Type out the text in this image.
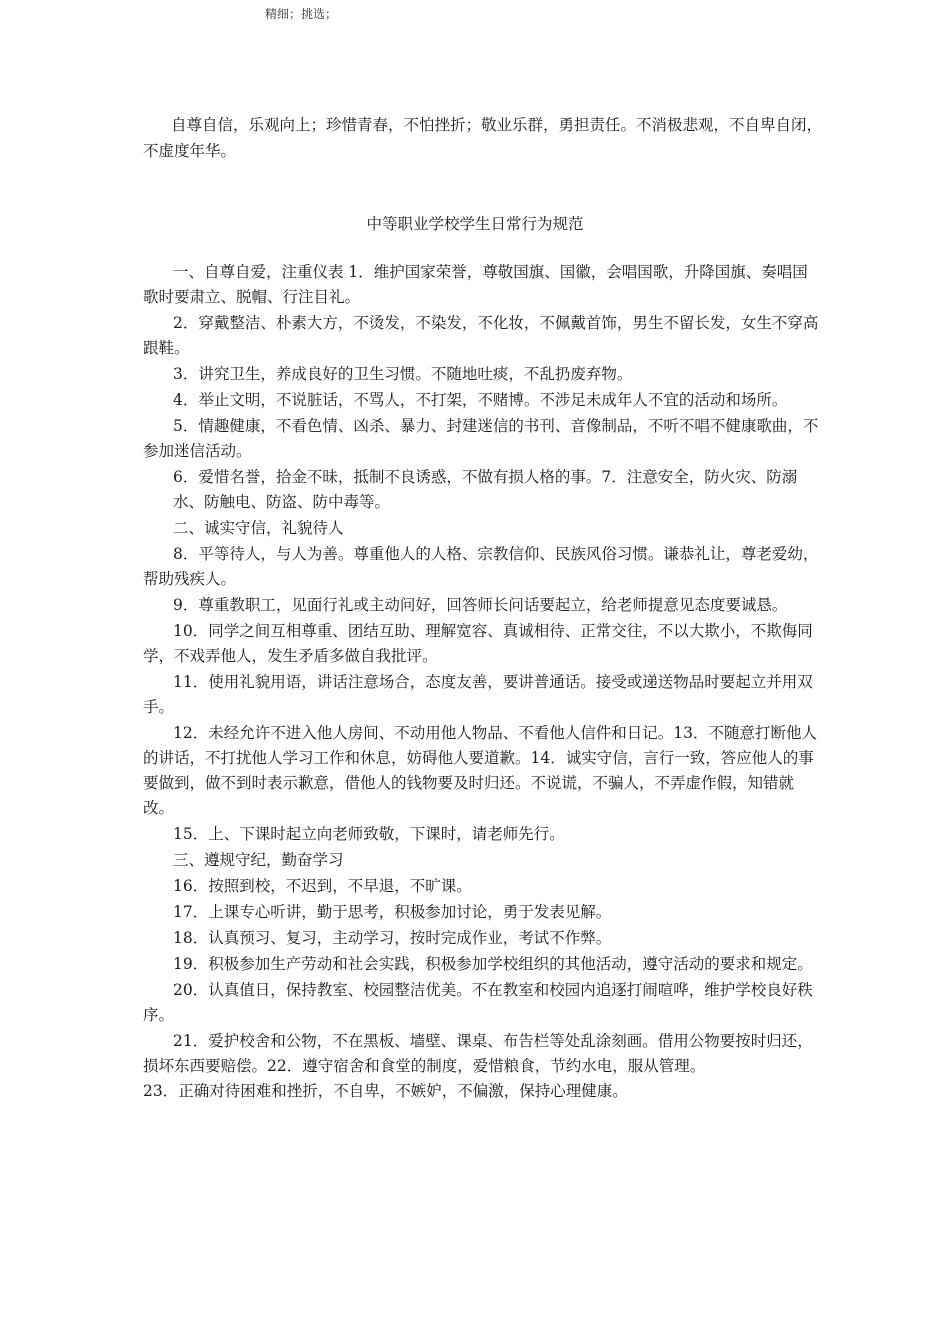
精细；挑选；

自尊自信，乐观向上；珍惜青春，不怕挫折；敬业乐群，勇担责任。不消极悲观，不自卑自闭，不虚度年华。

中等职业学校学生日常行为规范

一、自尊自爱，注重仪表 1．维护国家荣誉，尊敬国旗、国徽，会唱国歌，升降国旗、奏唱国歌时要肃立、脱帽、行注目礼。

2．穿戴整洁、朴素大方，不烫发，不染发，不化妆，不佩戴首饰，男生不留长发，女生不穿高跟鞋。

3．讲究卫生，养成良好的卫生习惯。不随地吐痰，不乱扔废弃物。

4．举止文明，不说脏话，不骂人，不打架，不赌博。不涉足未成年人不宜的活动和场所。

5．情趣健康，不看色情、凶杀、暴力、封建迷信的书刊、音像制品，不听不唱不健康歌曲，不参加迷信活动。

6．爱惜名誉，拾金不昧，抵制不良诱惑，不做有损人格的事。7．注意安全，防火灾、防溺水、防触电、防盗、防中毒等。

二、诚实守信，礼貌待人

8．平等待人，与人为善。尊重他人的人格、宗教信仰、民族风俗习惯。谦恭礼让，尊老爱幼，帮助残疾人。

9．尊重教职工，见面行礼或主动问好，回答师长问话要起立，给老师提意见态度要诚恳。

10．同学之间互相尊重、团结互助、理解宽容、真诚相待、正常交往，不以大欺小，不欺侮同学，不戏弄他人，发生矛盾多做自我批评。

11．使用礼貌用语，讲话注意场合，态度友善，要讲普通话。接受或递送物品时要起立并用双手。

12．未经允许不进入他人房间、不动用他人物品、不看他人信件和日记。13．不随意打断他人的讲话，不打扰他人学习工作和休息，妨碍他人要道歉。14．诚实守信，言行一致，答应他人的事要做到，做不到时表示歉意，借他人的钱物要及时归还。不说谎，不骗人，不弄虚作假，知错就改。

15．上、下课时起立向老师致敬，下课时，请老师先行。

三、遵规守纪，勤奋学习

16．按照到校，不迟到，不早退，不旷课。

17．上课专心听讲，勤于思考，积极参加讨论，勇于发表见解。

18．认真预习、复习，主动学习，按时完成作业，考试不作弊。

19．积极参加生产劳动和社会实践，积极参加学校组织的其他活动，遵守活动的要求和规定。

20．认真值日，保持教室、校园整洁优美。不在教室和校园内追逐打闹喧哗，维护学校良好秩序。

21．爱护校舍和公物，不在黑板、墙壁、课桌、布告栏等处乱涂刻画。借用公物要按时归还，损坏东西要赔偿。22．遵守宿舍和食堂的制度，爱惜粮食，节约水电，服从管理。

23．正确对待困难和挫折，不自卑，不嫉妒，不偏激，保持心理健康。
